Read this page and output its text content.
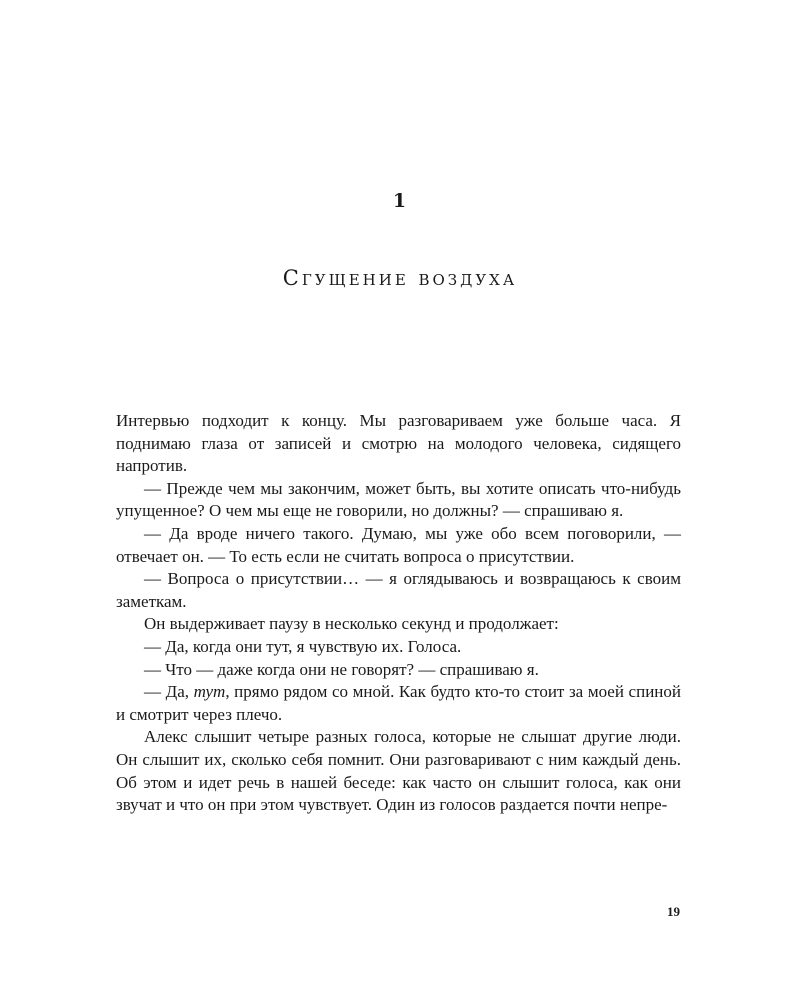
1
Сгущение воздуха

Интервью подходит к концу. Мы разговариваем уже больше часа. Я поднимаю глаза от записей и смотрю на молодого человека, сидящего напротив.

— Прежде чем мы закончим, может быть, вы хотите описать что-нибудь упущенное? О чем мы еще не говорили, но должны? — спрашиваю я.

— Да вроде ничего такого. Думаю, мы уже обо всем поговорили, — отвечает он. — То есть если не считать вопроса о присутствии.

— Вопроса о присутствии… — я оглядываюсь и возвращаюсь к своим заметкам.

Он выдерживает паузу в несколько секунд и продолжает:

— Да, когда они тут, я чувствую их. Голоса.

— Что — даже когда они не говорят? — спрашиваю я.

— Да, тут, прямо рядом со мной. Как будто кто-то стоит за моей спиной и смотрит через плечо.

Алекс слышит четыре разных голоса, которые не слышат другие люди. Он слышит их, сколько себя помнит. Они разговаривают с ним каждый день. Об этом и идет речь в нашей беседе: как часто он слышит голоса, как они звучат и что он при этом чувствует. Один из голосов раздается почти непре-

19
